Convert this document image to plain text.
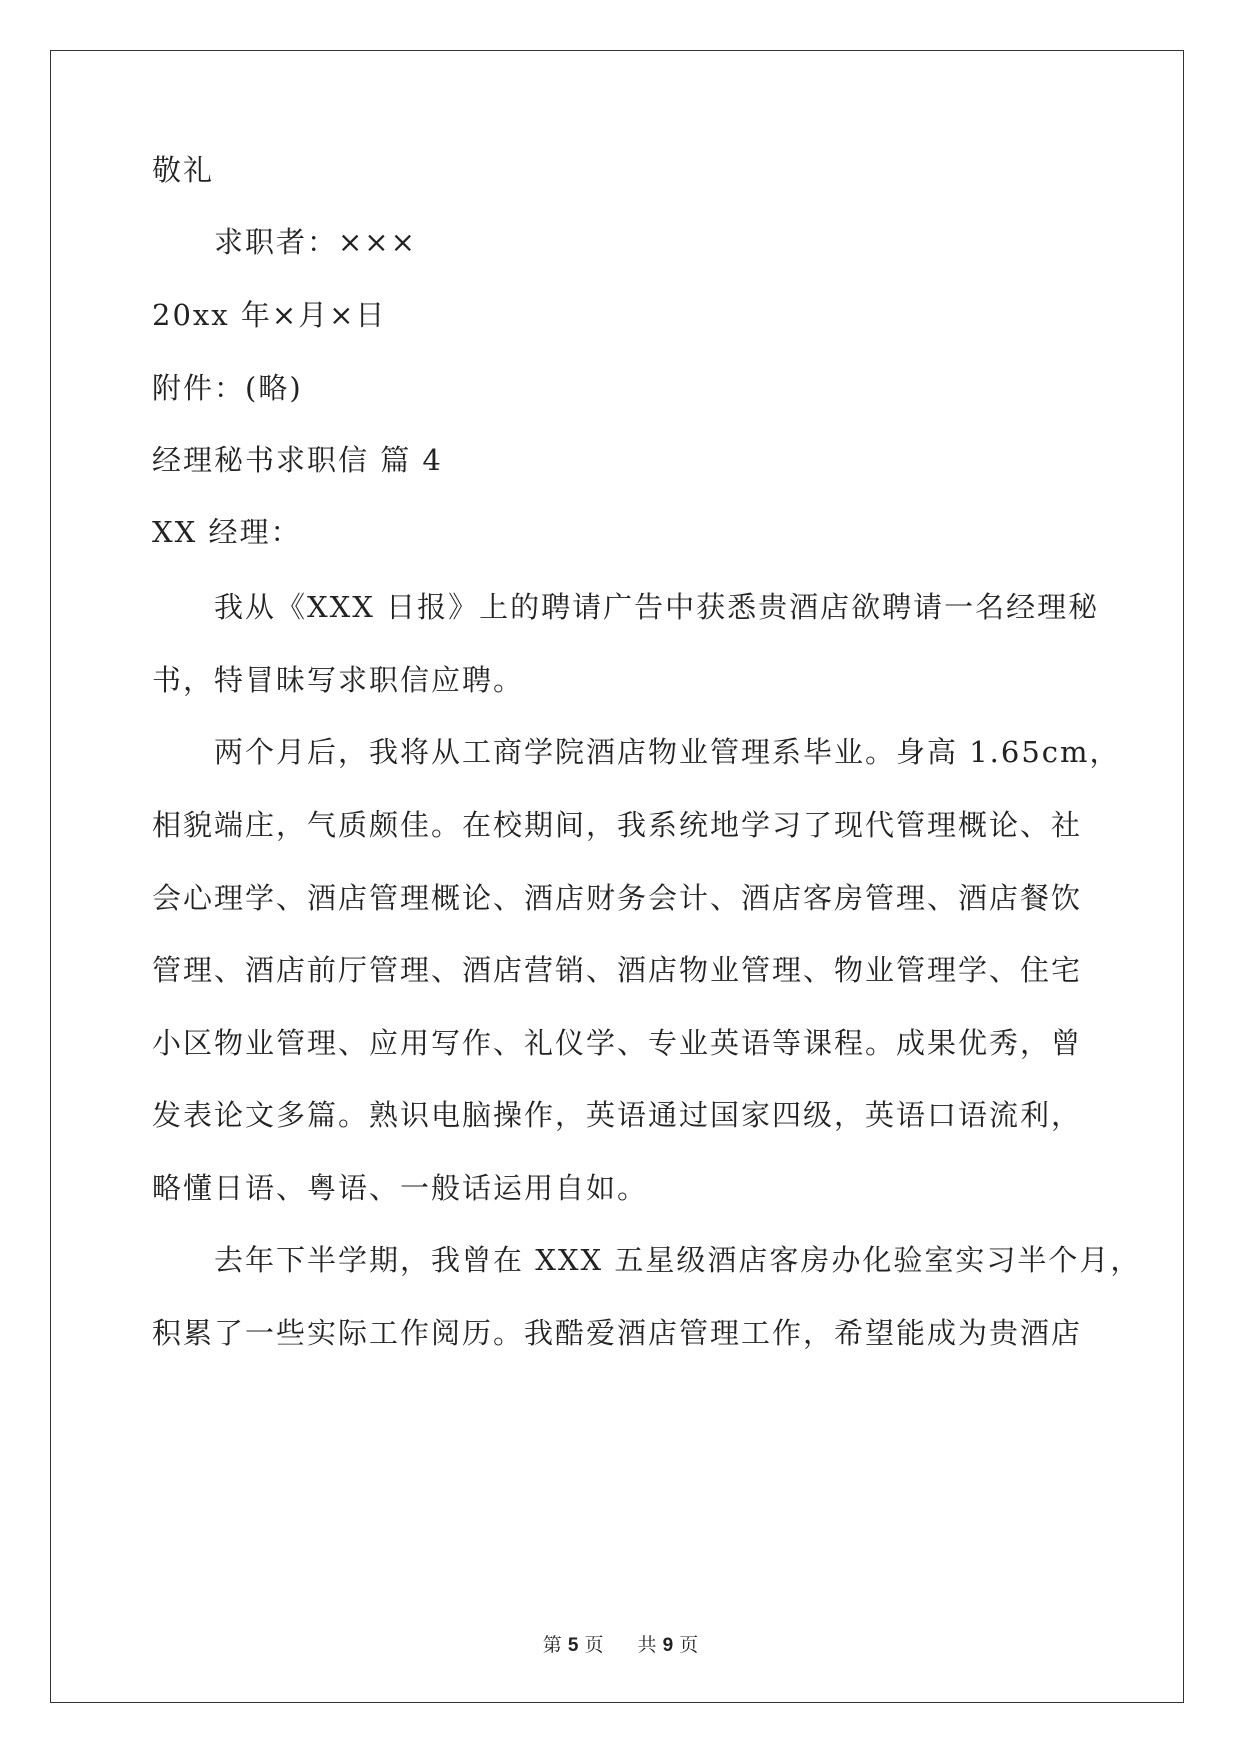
敬礼
　　求职者：×××
20xx 年×月×日
附件：(略)
经理秘书求职信 篇 4
XX 经理：
　　我从《XXX 日报》上的聘请广告中获悉贵酒店欲聘请一名经理秘
书，特冒昧写求职信应聘。
　　两个月后，我将从工商学院酒店物业管理系毕业。身高 1.65cm，
相貌端庄，气质颇佳。在校期间，我系统地学习了现代管理概论、社
会心理学、酒店管理概论、酒店财务会计、酒店客房管理、酒店餐饮
管理、酒店前厅管理、酒店营销、酒店物业管理、物业管理学、住宅
小区物业管理、应用写作、礼仪学、专业英语等课程。成果优秀，曾
发表论文多篇。熟识电脑操作，英语通过国家四级，英语口语流利，
略懂日语、粤语、一般话运用自如。
　　去年下半学期，我曾在 XXX 五星级酒店客房办化验室实习半个月，
积累了一些实际工作阅历。我酷爱酒店管理工作，希望能成为贵酒店
第 5 页 共 9 页
